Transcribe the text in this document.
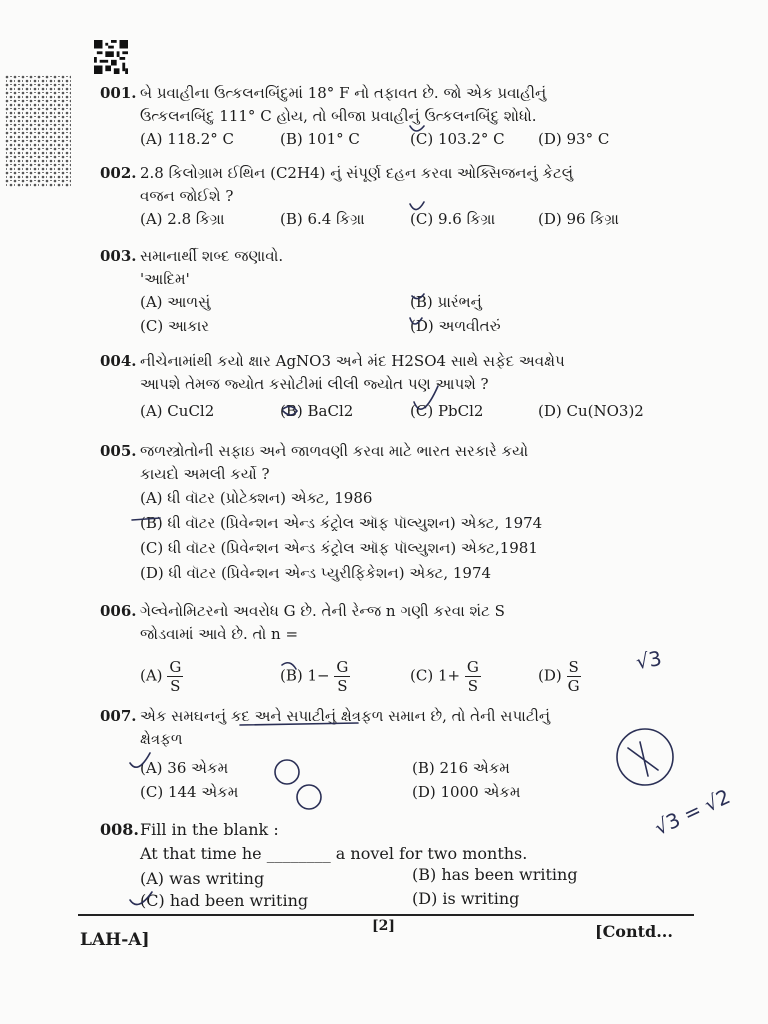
001. બે પ્રવાહીના ઉત્કલનબિંદુમાં 18° F નો તફાવત છે. જો એક પ્રવાહીનું
ઉત્કલનબિંદુ 111° C હોય, તો બીજા પ્રવાહીનું ઉત્કલનબિંદુ શોધો.
(A) 118.2° C	(B) 101° C	(C) 103.2° C (D) 93° C
002. 2.8 કિલોગ્રામ ઈથિન (C2H4) નું સંપૂર્ણ દહન કરવા ઓક્સિજનનું કેટલું
વજન જોઈશે ?
(A) 2.8 કિગ્રા	(B) 6.4 કિગ્રા	(C) 9.6 કિગ્રા	(D) 96 કિગ્રા
003. સમાનાર્થી શબ્દ જણાવો.
'આદિમ'
(A) આળસું	(B) પ્રારંભનું
(C) આકાર	(D) અળવીતરું
004. નીચેનામાંથી કયો ક્ષાર AgNO3 અને મંદ H2SO4 સાથે સફેદ અવક્ષેપ
આપશે તેમજ જ્યોત કસોટીમાં લીલી જ્યોત પણ આપશે ?
(A) CuCl2	(B) BaCl2	(C) PbCl2	(D) Cu(NO3)2
005. જળસ્ત્રોતોની સફાઇ અને જાળવણી કરવા માટે ભારત સરકારે કયો
કાયદો અમલી કર્યો ?
(A) ધી વૉટર (પ્રોટેક્શન) એક્ટ, 1986
(B) ધી વૉટર (પ્રિવેન્શન એન્ડ કંટ્રોલ ઑફ પૉલ્યુશન) એક્ટ, 1974
(C) ધી વૉટર (પ્રિવેન્શન એન્ડ કંટ્રોલ ઑફ પૉલ્યુશન) એક્ટ,1981
(D) ધી વૉટર (પ્રિવેન્શન એન્ડ પ્યુરીફિકેશન) એક્ટ, 1974
006. ગેલ્વેનોમિટરનો અવરોધ G છે. તેની રેન્જ n ગણી કરવા શંટ S
જોડવામાં આવે છે. તો n =
$(A) \frac{G}{S}$	(B) $1- \frac{G}{S}$	(C) $1+ \frac{G}{S}$	$(D) \frac{S}{G}$
007. એક સમઘનનું કદ અને સપાટીનું ક્ષેત્રફળ સમાન છે, તો તેની સપાટીનું
ક્ષેત્રફળ
(A) 36 એકમ	(B) 216 એકમ
(C) 144 એકમ	(D) 1000 એકમ
008.Fill in the blank :
At that time he ________ a novel for two months.
(A) was writing	(B) has been writing
(C) had been writing	(D) is writing
LAH-A]
[2]	[Contd...
√3
√3 = √2
